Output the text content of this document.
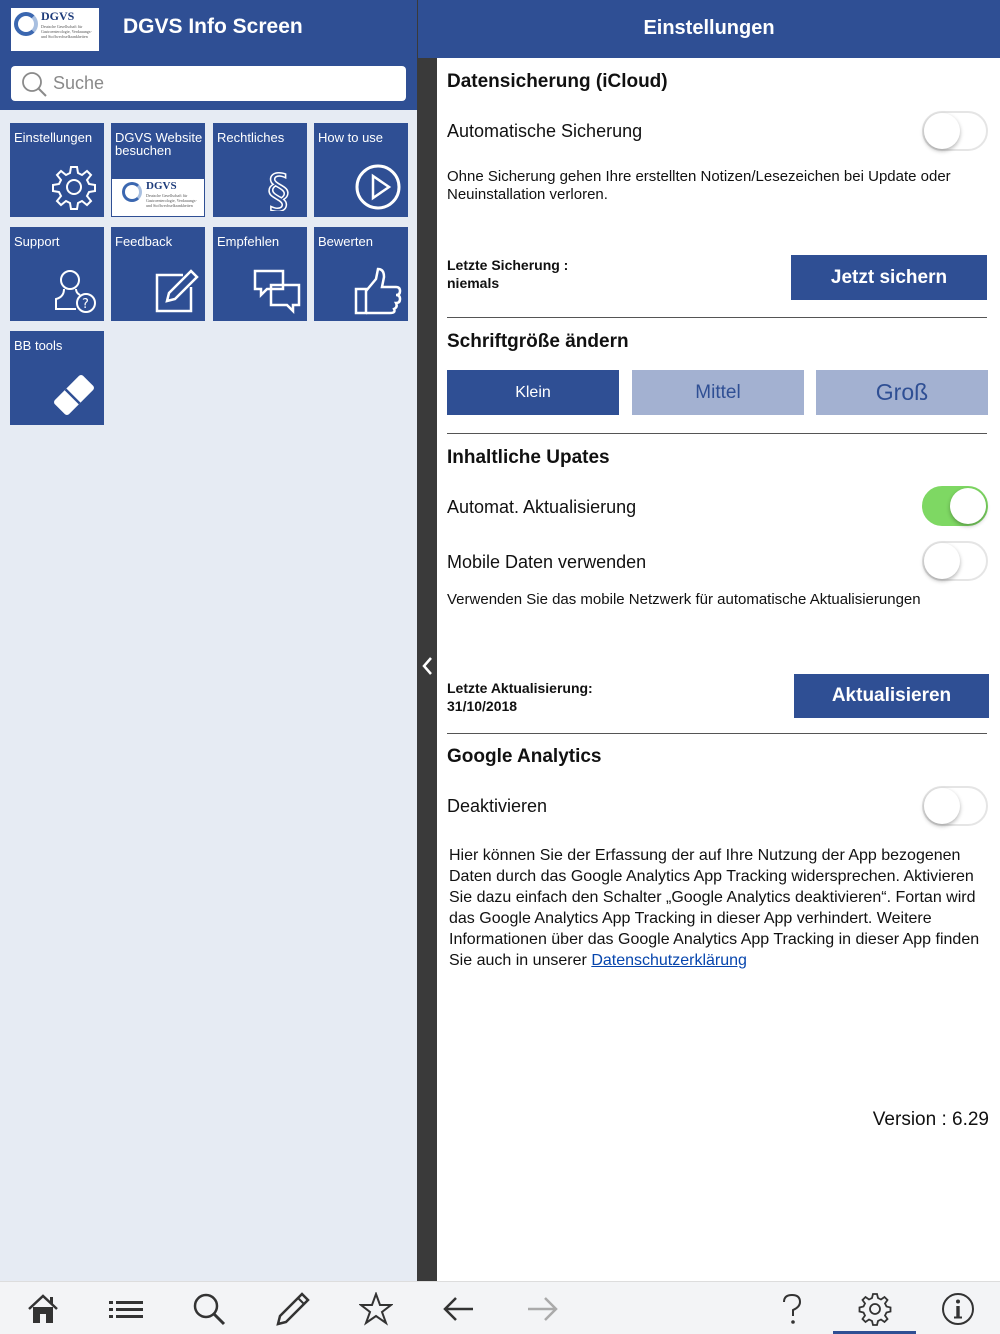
DGVS
Deutsche Gesellschaft für Gastroenterologie, Verdauungs- und Stoffwechselkrankheiten	DGVS Info Screen
Suche
Einstellungen	DGVS Website besuchen
DGVS
Deutsche Gesellschaft für Gastroenterologie, Verdauungs- und Stoffwechselkrankheiten
Rechtliches
§
How to use
Support
?
Feedback	Empfehlen	Bewerten
BB tools
Einstellungen
Datensicherung (iCloud)
Automatische Sicherung
Ohne Sicherung gehen Ihre erstellten Notizen/Lesezeichen bei Update oder Neuinstallation verloren.
Letzte Sicherung :
niemals	Jetzt sichern
Schriftgröße ändern
Klein	Mittel	Groß
Inhaltliche Upates
Automat. Aktualisierung
Mobile Daten verwenden
Verwenden Sie das mobile Netzwerk für automatische Aktualisierungen
Letzte Aktualisierung:
31/10/2018	Aktualisieren
Google Analytics
Deaktivieren
Hier können Sie der Erfassung der auf Ihre Nutzung der App bezogenen Daten durch das Google Analytics App Tracking widersprechen. Aktivieren Sie dazu einfach den Schalter „Google Analytics deaktivieren“. Fortan wird das Google Analytics App Tracking in dieser App verhindert. Weitere Informationen über das Google Analytics App Tracking in dieser App finden Sie auch in unserer Datenschutzerklärung
Version : 6.29
